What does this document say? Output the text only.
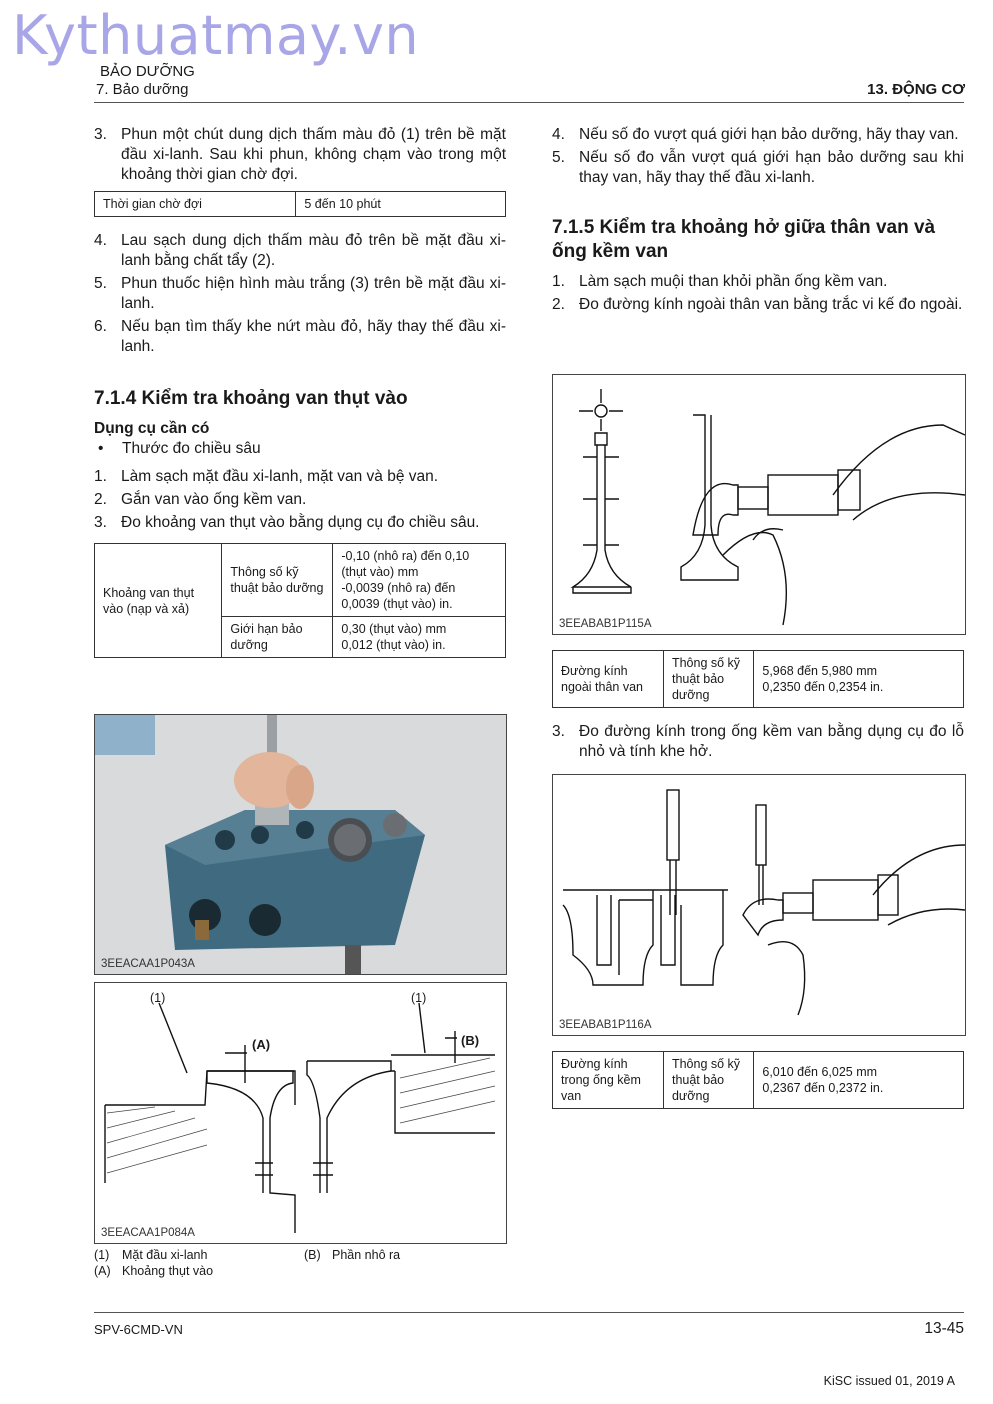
Kythuatmay.vn
BẢO DƯỠNG
7. Bảo dưỡng	13. ĐỘNG CƠ
3. Phun một chút dung dịch thấm màu đỏ (1) trên bề mặt đầu xi-lanh. Sau khi phun, không chạm vào trong một khoảng thời gian chờ đợi.
Thời gian chờ đợi	5 đến 10 phút
4. Lau sạch dung dịch thấm màu đỏ trên bề mặt đầu xi-lanh bằng chất tẩy (2).
5. Phun thuốc hiện hình màu trắng (3) trên bề mặt đầu xi-lanh.
6. Nếu bạn tìm thấy khe nứt màu đỏ, hãy thay thế đầu xi-lanh.
7.1.4 Kiểm tra khoảng van thụt vào
Dụng cụ cần có
•	Thước đo chiều sâu
1. Làm sạch mặt đầu xi-lanh, mặt van và bệ van.
2. Gắn van vào ống kềm van.
3. Đo khoảng van thụt vào bằng dụng cụ đo chiều sâu.
Khoảng van thụt vào (nạp và xả)	Thông số kỹ thuật bảo dưỡng	-0,10 (nhô ra) đến 0,10 (thụt vào) mm
-0,0039 (nhô ra) đến 0,0039 (thụt vào) in.
	Giới hạn bảo dưỡng	0,30 (thụt vào) mm
0,012 (thụt vào) in.
3EEACAA1P043A
(1)	(1)
(A)	(B)
3EEACAA1P084A
(1)	Mặt đầu xi-lanh	(B) Phần nhô ra
(A) Khoảng thụt vào
4. Nếu số đo vượt quá giới hạn bảo dưỡng, hãy thay van.
5. Nếu số đo vẫn vượt quá giới hạn bảo dưỡng sau khi thay van, hãy thay thế đầu xi-lanh.
7.1.5 Kiểm tra khoảng hở giữa thân van và ống kềm van
1. Làm sạch muội than khỏi phần ống kềm van.
2. Đo đường kính ngoài thân van bằng trắc vi kế đo ngoài.
3EEABAB1P115A
Đường kính ngoài thân van	Thông số kỹ thuật bảo dưỡng	5,968 đến 5,980 mm
0,2350 đến 0,2354 in.
3. Đo đường kính trong ống kềm van bằng dụng cụ đo lỗ nhỏ và tính khe hở.
3EEABAB1P116A
Đường kính trong ống kềm van	Thông số kỹ thuật bảo dưỡng	6,010 đến 6,025 mm
0,2367 đến 0,2372 in.
SPV-6CMD-VN	13-45
KiSC issued 01, 2019 A
